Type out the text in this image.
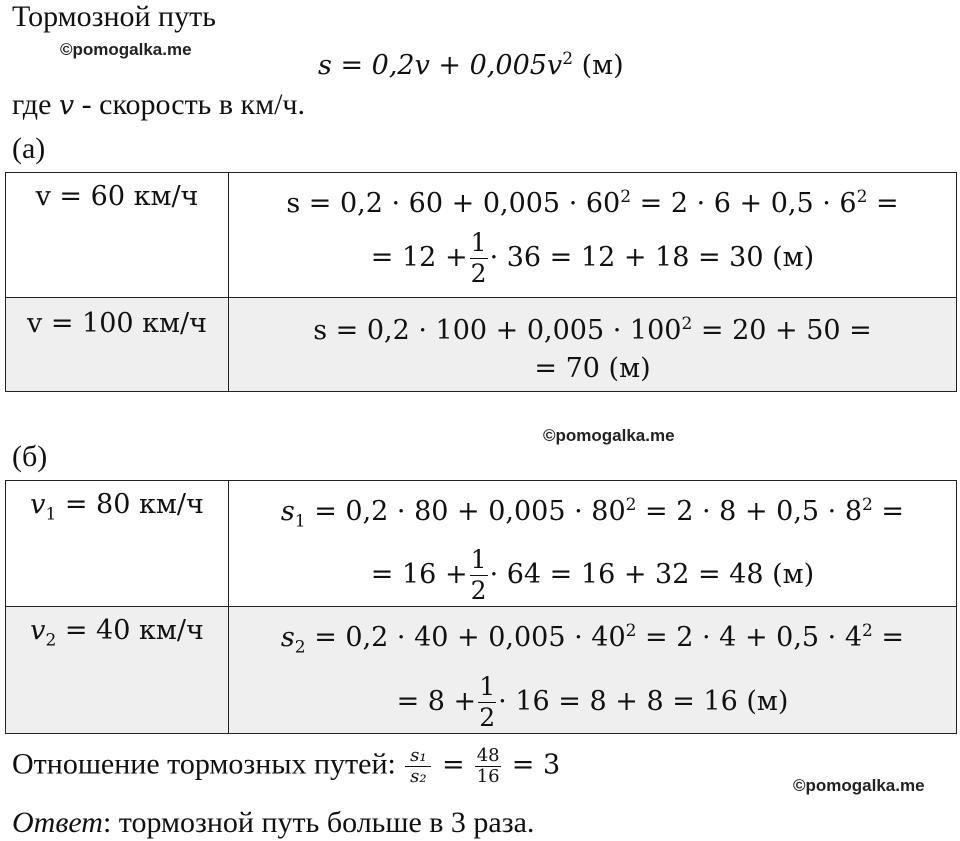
Тормозной путь
©pomogalka.me
$s = 0,2v + 0,005v^2$ (м)
где v - скорость в км/ч.
(а)
v = 60 км/ч	$s = 0,2 \cdot 60 + 0,005 \cdot 60^2 = 2 \cdot 6 + 0,5 \cdot 6^2$ =
= $12 + \frac{1}{2} \cdot 36 = 12 + 18 = 30$ (м)

v = 100 км/ч	$s = 0,2 \cdot 100 + 0,005 \cdot 100^2 = 20 + 50$ =
= 70 (м)
©pomogalka.me
(б)
$v_1 = 80$ км/ч	$s_1 = 0,2 \cdot 80 + 0,005 \cdot 80^2 = 2 \cdot 8 + 0,5 \cdot 8^2$ =
= $16 + \frac{1}{2} \cdot 64 = 16 + 32 = 48$ (м)

$v_2 = 40$ км/ч	$s_2 = 0,2 \cdot 40 + 0,005 \cdot 40^2 = 2 \cdot 4 + 0,5 \cdot 4^2$ =
= $8 + \frac{1}{2} \cdot 16 = 8 + 8 = 16$ (м)
Отношение тормозных путей: $\frac{\text{s₁}}{\text{s₂}} = \frac{48}{16} = 3$
©pomogalka.me
Ответ: тормозной путь больше в 3 раза.
